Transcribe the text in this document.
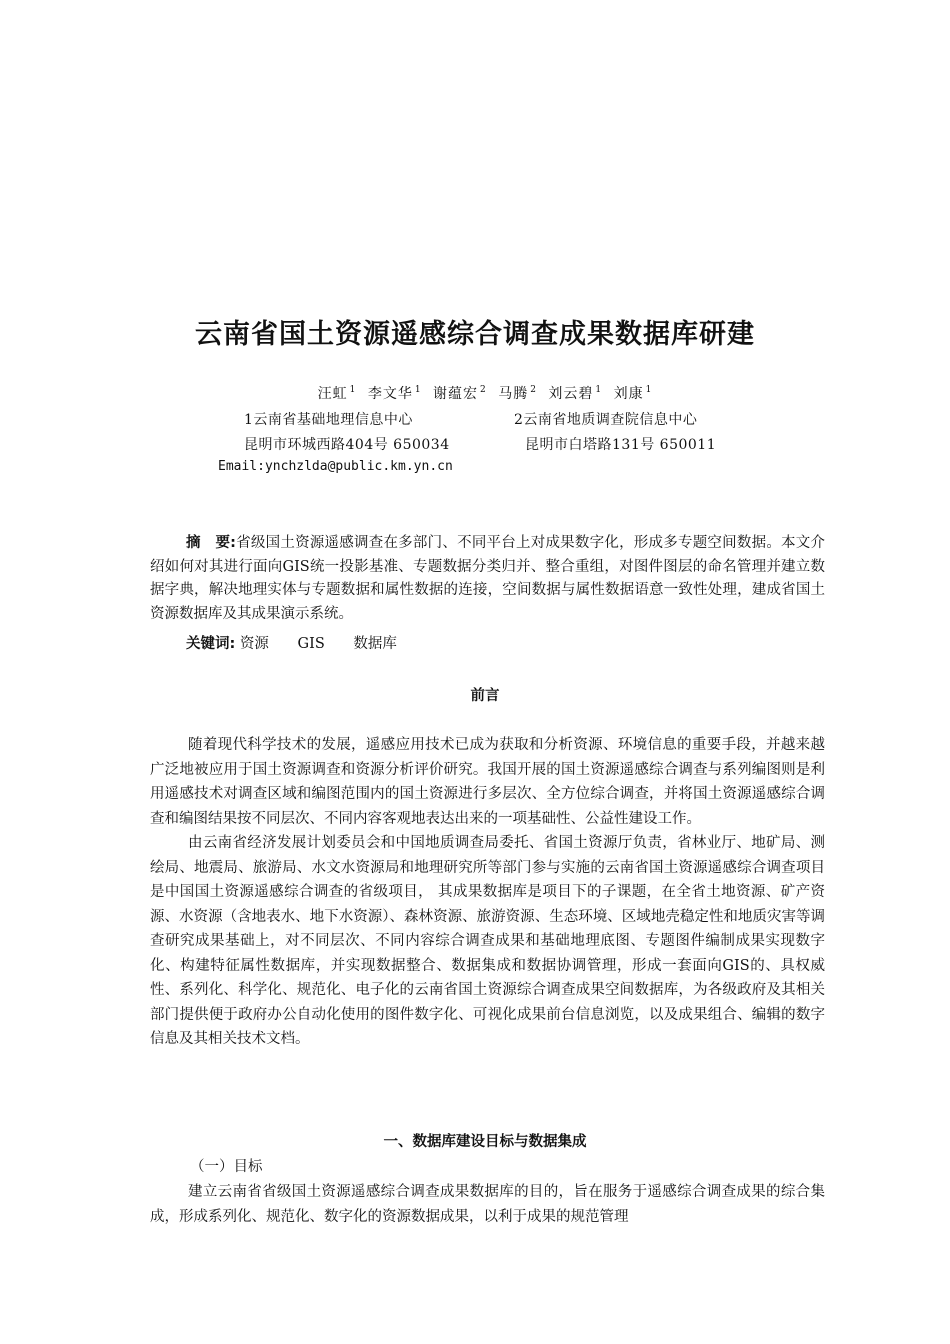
云南省国土资源遥感综合调查成果数据库研建
汪虹 $^1$ 李文华 $^1$ 谢蕴宏 $^2$ 马腾 $^2$ 刘云碧 $^1$ 刘康 $^1$
1云南省基础地理信息中心	2云南省地质调查院信息中心
昆明市环城西路404号 650034	昆明市白塔路131号 650011
Email:ynchzlda@public.km.yn.cn
摘　要:省级国土资源遥感调查在多部门、不同平台上对成果数字化，形成多专题空间数据。本文介绍如何对其进行面向GIS统一投影基准、专题数据分类归并、整合重组，对图件图层的命名管理并建立数据字典，解决地理实体与专题数据和属性数据的连接，空间数据与属性数据语意一致性处理，建成省国土资源数据库及其成果演示系统。
关键词: 资源 GIS 数据库
前言

随着现代科学技术的发展，遥感应用技术已成为获取和分析资源、环境信息的重要手段，并越来越广泛地被应用于国土资源调查和资源分析评价研究。我国开展的国土资源遥感综合调查与系列编图则是利用遥感技术对调查区域和编图范围内的国土资源进行多层次、全方位综合调查，并将国土资源遥感综合调查和编图结果按不同层次、不同内容客观地表达出来的一项基础性、公益性建设工作。

由云南省经济发展计划委员会和中国地质调查局委托、省国土资源厅负责，省林业厅、地矿局、测绘局、地震局、旅游局、水文水资源局和地理研究所等部门参与实施的云南省国土资源遥感综合调查项目是中国国土资源遥感综合调查的省级项目， 其成果数据库是项目下的子课题，在全省土地资源、矿产资源、水资源（含地表水、地下水资源）、森林资源、旅游资源、生态环境、区域地壳稳定性和地质灾害等调查研究成果基础上，对不同层次、不同内容综合调查成果和基础地理底图、专题图件编制成果实现数字化、构建特征属性数据库，并实现数据整合、数据集成和数据协调管理，形成一套面向GIS的、具权威性、系列化、科学化、规范化、电子化的云南省国土资源综合调查成果空间数据库，为各级政府及其相关部门提供便于政府办公自动化使用的图件数字化、可视化成果前台信息浏览，以及成果组合、编辑的数字信息及其相关技术文档。

一、数据库建设目标与数据集成
（一）目标
建立云南省省级国土资源遥感综合调查成果数据库的目的，旨在服务于遥感综合调查成果的综合集成，形成系列化、规范化、数字化的资源数据成果，以利于成果的规范管理
